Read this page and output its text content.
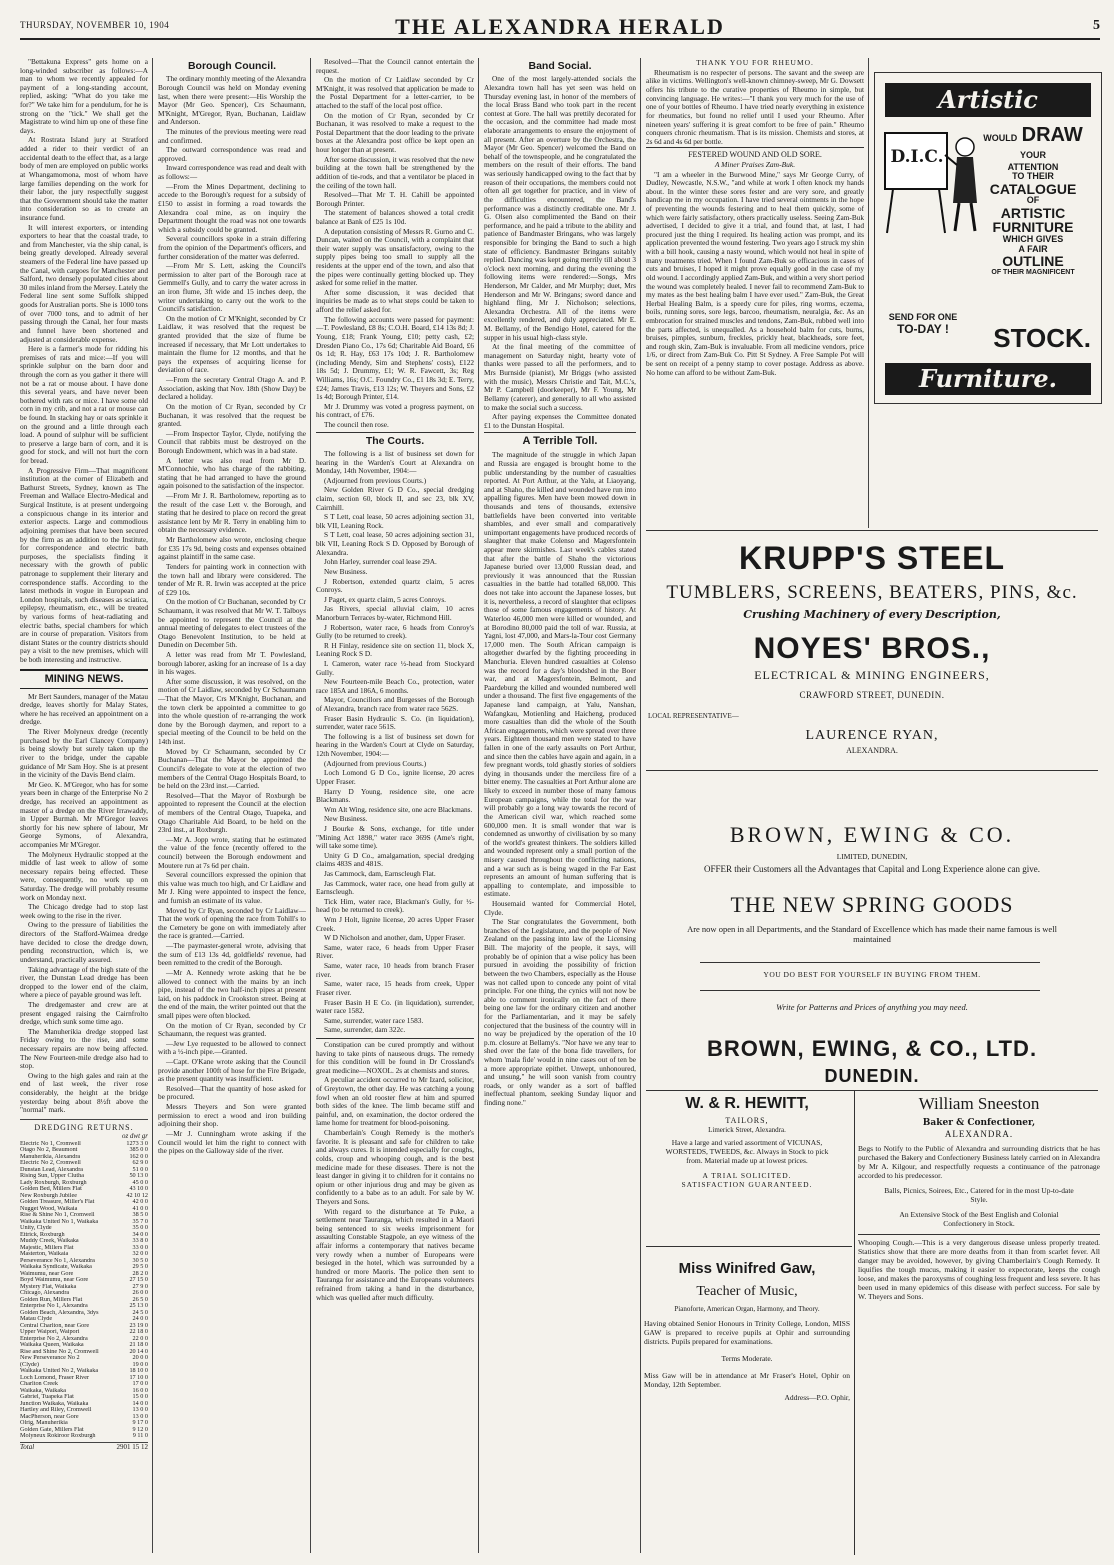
THURSDAY, NOVEMBER 10, 1904	THE ALEXANDRA HERALD	5

"Bettakuna Express" gets home on a long-winded subscriber as follows:—A man to whom we recently appealed for payment of a long-standing account, replied, asking: "What do you take me for?" We take him for a pendulum, for he is strong on the "tick." We shall get the Magistrate to wind him up one of these fine days.

At Rostrata Island jury at Stratford added a rider to their verdict of an accidental death to the effect that, as a large body of men are employed on public works at Whangamomona, most of whom have large families depending on the work for their labor, the jury respectfully suggest that the Government should take the matter into consideration so as to create an insurance fund.

It will interest exporters, or intending exporters to hear that the coastal trade, to and from Manchester, via the ship canal, is being greatly developed. Already several steamers of the Federal line have passed up the Canal, with cargoes for Manchester and Salford, two densely populated cities about 30 miles inland from the Mersey. Lately the Federal line sent some Suffolk shipped goods for Australian ports. She is 1000 tons of over 7000 tons, and to admit of her passing through the Canal, her four masts and funnel have been shortened and adjusted at considerable expense.

Here is a farmer's mode for ridding his premises of rats and mice:—If you will sprinkle sulphur on the barn door and through the corn as you gather it there will not be a rat or mouse about. I have done this several years, and have never been bothered with rats or mice. I have some old corn in my crib, and not a rat or mouse can be found. In stacking hay or oats sprinkle it on the ground and a little through each load. A pound of sulphur will be sufficient to preserve a large barn of corn, and it is good for stock, and will not hurt the corn for bread.

A Progressive Firm—That magnificent institution at the corner of Elizabeth and Bathurst Streets, Sydney, known as The Freeman and Wallace Electro-Medical and Surgical Institute, is at present undergoing a conspicuous change in its interior and exterior aspects. Large and commodious adjoining premises that have been secured by the firm as an addition to the Institute, for correspondence and electric bath purposes, the specialists finding it necessary with the growth of public patronage to supplement their literary and correspondence staffs. According to the latest methods in vogue in European and London hospitals, such diseases as sciatica, epilepsy, rheumatism, etc., will be treated by various forms of heat-radiating and electric baths, special chambers for which are in course of preparation. Visitors from distant States or the country districts should pay a visit to the new premises, which will be both interesting and instructive.

MINING NEWS.

Mr Bert Saunders, manager of the Matau dredge, leaves shortly for Malay States, where he has received an appointment on a dredge.

The River Molyneux dredge (recently purchased by the Earl Clancey Company) is being slowly but surely taken up the river to the bridge, under the capable guidance of Mr Sam Hoy. She is at present in the vicinity of the Davis Bend claim.

Mr Geo. K. M'Gregor, who has for some years been in charge of the Enterprise No 2 dredge, has received an appointment as master of a dredge on the River Irrawaddy, in Upper Burmah. Mr M'Gregor leaves shortly for his new sphere of labour, Mr George Symons, of Alexandra, accompanies Mr M'Gregor.

The Molyneux Hydraulic stopped at the middle of last week to allow of some necessary repairs being effected. These were, consequently, no work up on Saturday. The dredge will probably resume work on Monday next.

The Chicago dredge had to stop last week owing to the rise in the river.

Owing to the pressure of liabilities the directors of the Stafford-Waimea dredge have decided to close the dredge down, pending reconstruction, which is, we understand, practically assured.

Taking advantage of the high state of the river, the Dunstan Lead dredge has been dropped to the lower end of the claim, where a piece of payable ground was left.

The dredgemaster and crew are at present engaged raising the Cairnfrolto dredge, which sunk some time ago.

The Manuherikia dredge stopped last Friday owing to the rise, and some necessary repairs are now being affected. The New Fourteen-mile dredge also had to stop.

Owing to the high gales and rain at the end of last week, the river rose considerably, the height at the bridge yesterday being about 8½ft above the "normal" mark.

DREDGING RETURNS.
oz dwt gr
Electric No 1, Cromwell	1273 3 0
Otago No 2, Beaumont	385 0 0
Manuherikia, Alexandra	162 0 0
Electric No 2, Cromwell	62 9 0
Dunstan Lead, Alexandra	51 0 0
Rising Sun, Upper Clutha	50 13 0
Lady Roxburgh, Roxburgh	45 0 0
Golden Bed, Millers Flat	43 10 0
New Roxburgh Jubilee	42 10 12
Golden Treasure, Miller's Flat	42 0 0
Nugget Wood, Waikaia	41 0 0
Rise & Shine No 1, Cromwell	38 5 0
Waikaka United No 1, Waikaka	35 7 0
Unity, Clyde	35 0 0
Ettrick, Roxburgh	34 0 0
Muddy Creek, Waikaka	33 8 0
Majestic, Millers Flat	33 0 0
Masterton, Waikaia	32 0 0
Perseverance No 1, Alexandra	30 5 0
Waikaka Syndicate, Waikaka	29 5 0
Waimumu, near Gore	28 2 0
Boyd Waimumu, near Gore	27 15 0
Mystery Flat, Waikaka	27 9 0
Chicago, Alexandra	26 0 0
Golden Run, Millers Flat	26 5 0
Enterprise No 1, Alexandra	25 13 0
Golden Beach, Alexandra, 3dys	24 5 0
Matau Clyde	24 0 0
Central Charlton, near Gore	23 19 0
Upper Waipori, Waipori	22 18 0
Enterprise No 2, Alexandra	22 0 0
Waikaka Queen, Waikaka	21 18 0
Rise and Shine No 2, Cromwell	20 14 0
New Perseverance No 2	20 0 0
(Clyde)	19 0 0
Waikaka United No 2, Waikaka	18 10 0
Loch Lomond, Fraser River	17 10 0
Charlton Creek	17 0 0
Waikaka, Waikaka	16 0 0
Gabriel, Tuapeka Flat	15 0 0
Junction Waikaka, Waikaka	14 0 0
Hartley and Riley, Cromwell	13 0 0
MacPherson, near Gore	13 0 0
Olrig, Manuherikia	9 17 0
Golden Gate, Millers Flat	9 12 0
Molyneux Rokiroor Roxburgh	9 11 0
Total	2901 15 12
Borough Council.

The ordinary monthly meeting of the Alexandra Borough Council was held on Monday evening last, when there were present:—His Worship the Mayor (Mr Geo. Spencer), Crs Schaumann, M'Knight, M'Gregor, Ryan, Buchanan, Laidlaw and Anderson.

The minutes of the previous meeting were read and confirmed.

The outward correspondence was read and approved.

Inward correspondence was read and dealt with as follows:—

—From the Mines Department, declining to accede to the Borough's request for a subsidy of £150 to assist in forming a road towards the Alexandra coal mine, as on inquiry the Department thought the road was not one towards which a subsidy could be granted.

Several councillors spoke in a strain differing from the opinion of the Department's officers, and further consideration of the matter was deferred.

—From Mr S. Lett, asking the Council's permission to alter part of the Borough race at Gemmell's Gully, and to carry the water across in an iron flume, 3ft wide and 15 inches deep, the writer undertaking to carry out the work to the Council's satisfaction.

On the motion of Cr M'Knight, seconded by Cr Laidlaw, it was resolved that the request be granted provided that the size of flume be increased if necessary, that Mr Lott undertakes to maintain the flume for 12 months, and that he pays the expenses of acquiring license for deviation of race.

—From the secretary Central Otago A. and P. Association, asking that Nov. 18th (Show Day) be declared a holiday.

On the motion of Cr Ryan, seconded by Cr Buchanan, it was resolved that the request be granted.

—From Inspector Taylor, Clyde, notifying the Council that rabbits must be destroyed on the Borough Endowment, which was in a bad state.

A letter was also read from Mr D. M'Connochie, who has charge of the rabbiting, stating that he had arranged to have the ground again poisoned to the satisfaction of the inspector.

—From Mr J. R. Bartholomew, reporting as to the result of the case Lett v. the Borough, and stating that he desired to place on record the great assistance lent by Mr R. Terry in enabling him to obtain the necessary evidence.

Mr Bartholomew also wrote, enclosing cheque for £35 17s 9d, being costs and expenses obtained against plaintiff in the same case.

Tenders for painting work in connection with the town hall and library were considered. The tender of Mr R. R. Irwin was accepted at the price of £29 10s.

On the motion of Cr Buchanan, seconded by Cr Schaumann, it was resolved that Mr W. T. Talboys be appointed to represent the Council at the annual meeting of delegates to elect trustees of the Otago Benevolent Institution, to be held at Dunedin on December 5th.

A letter was read from Mr T. Powlesland, borough laborer, asking for an increase of 1s a day in his wages.

After some discussion, it was resolved, on the motion of Cr Laidlaw, seconded by Cr Schaumann—That the Mayor, Crs M'Knight, Buchanan, and the town clerk be appointed a committee to go into the whole question of re-arranging the work done by the Borough daymen, and report to a special meeting of the Council to be held on the 14th inst.

Moved by Cr Schaumann, seconded by Cr Buchanan—That the Mayor be appointed the Council's delegate to vote at the election of two members of the Central Otago Hospitals Board, to be held on the 23rd inst.—Carried.

Resolved—That the Mayor of Roxburgh be appointed to represent the Council at the election of members of the Central Otago, Tuapeka, and Otago Charitable Aid Board, to be held on the 23rd inst., at Roxburgh.

—Mr A. Jopp wrote, stating that he estimated the value of the fence (recently offered to the council) between the Borough endowment and Moutere run at 7s 6d per chain.

Several councillors expressed the opinion that this value was much too high, and Cr Laidlaw and Mr J. King were appointed to inspect the fence, and furnish an estimate of its value.

Moved by Cr Ryan, seconded by Cr Laidlaw—That the work of opening the race from Tohill's to the Cemetery be gone on with immediately after the race is granted.—Carried.

—The paymaster-general wrote, advising that the sum of £13 13s 4d, goldfields' revenue, had been remitted to the credit of the Borough.

—Mr A. Kennedy wrote asking that he be allowed to connect with the mains by an inch pipe, instead of the two half-inch pipes at present laid, on his paddock in Crookston street. Being at the end of the main, the writer pointed out that the small pipes were often blocked.

On the motion of Cr Ryan, seconded by Cr Schaumann, the request was granted.

—Jew Lye requested to be allowed to connect with a ½-inch pipe.—Granted.

—Capt. O'Kane wrote asking that the Council provide another 100ft of hose for the Fire Brigade, as the present quantity was insufficient.

Resolved—That the quantity of hose asked for be procured.

Messrs Theyers and Son were granted permission to erect a wood and iron building adjoining their shop.

—Mr J. Cunningham wrote asking if the Council would let him the right to connect with the pipes on the Galloway side of the river.

Resolved—That the Council cannot entertain the request.

On the motion of Cr Laidlaw seconded by Cr M'Knight, it was resolved that application be made to the Postal Department for a letter-carrier, to be attached to the staff of the local post office.

On the motion of Cr Ryan, seconded by Cr Buchanan, it was resolved to make a request to the Postal Department that the door leading to the private boxes at the Alexandra post office be kept open an hour longer than at present.

After some discussion, it was resolved that the new building at the town hall be strengthened by the addition of tie-rods, and that a ventilator be placed in the ceiling of the town hall.

Resolved—That Mr T. H. Cahill be appointed Borough Printer.

The statement of balances showed a total credit balance at Bank of £25 1s 10d.

A deputation consisting of Messrs R. Gurno and C. Duncan, waited on the Council, with a complaint that their water supply was unsatisfactory, owing to the supply pipes being too small to supply all the residents at the upper end of the town, and also that the pipes were continually getting blocked up. They asked for some relief in the matter.

After some discussion, it was decided that inquiries be made as to what steps could be taken to afford the relief asked for.

The following accounts were passed for payment:—T. Powlesland, £8 8s; C.O.H. Board, £14 13s 8d; J. Young, £18; Frank Young, £10; petty cash, £2; Dresden Piano Co., 17s 6d; Charitable Aid Board, £6 0s 1d; R. Hay, £63 17s 10d; J. R. Bartholomew (including Mendy, Sim and Stephens' costs), £122 18s 5d; J. Drummy, £1; W. R. Fawcett, 3s; Reg Williams, 16s; O.C. Foundry Co., £1 18s 3d; E. Terry, £24; James Travis, £13 12s; W. Theyers and Sons, £2 1s 4d; Borough Printer, £14.

Mr J. Drummy was voted a progress payment, on his contract, of £76.

The council then rose.

The Courts.

The following is a list of business set down for hearing in the Warden's Court at Alexandra on Monday, 14th November, 1904:—

(Adjourned from previous Courts.)

New Golden River G D Co., special dredging claim, section 60, block II, and sec 23, blk XV, Cairnhill.

S T Lett, coal lease, 50 acres adjoining section 31, blk VII, Leaning Rock.

S T Lett, coal lease, 50 acres adjoining section 31, blk VII, Leaning Rock S D. Opposed by Borough of Alexandra.

John Harley, surrender coal lease 29A.

New Business.

J Robertson, extended quartz claim, 5 acres Conroys.

J Paget, ex quartz claim, 5 acres Conroys.

Jas Rivers, special alluvial claim, 10 acres Manorburn Terraces by-water, Richmond Hill.

J Robertson, water race, 6 heads from Conroy's Gully (to be returned to creek).

R H Finlay, residence site on section 11, block X, Leaning Rock S D.

L Cameron, water race ½-head from Stockyard Gully.

New Fourteen-mile Beach Co., protection, water race 185A and 186A, 6 months.

Mayor, Councillors and Burgesses of the Borough of Alexandra, branch race from water race 562S.

Fraser Basin Hydraulic S. Co. (in liquidation), surrender, water race 561S.

The following is a list of business set down for hearing in the Warden's Court at Clyde on Saturday, 12th November, 1904:—

(Adjourned from previous Courts.)

Loch Lomond G D Co., ignite license, 20 acres Upper Fraser.

Harry D Young, residence site, one acre Blackmans.

Wm Alt Wing, residence site, one acre Blackmans.

New Business.

J Bourke & Sons, exchange, for title under "Mining Act 1898," water race 369S (Ame's right, will take some time).

Unity G D Co., amalgamation, special dredging claims 483S and 481S.

Jas Cammock, dam, Earnscleugh Flat.

Jas Cammock, water race, one head from gully at Earnscleugh.

Tick Him, water race, Blackman's Gully, for ½-head (to be returned to creek).

Wm J Holt, lignite license, 20 acres Upper Fraser Creek.

W D Nicholson and another, dam, Upper Fraser.

Same, water race, 6 heads from Upper Fraser River.

Same, water race, 10 heads from branch Fraser river.

Same, water race, 15 heads from creek, Upper Fraser river.

Fraser Basin H E Co. (in liquidation), surrender, water race 1582.

Same, surrender, water race 1583.

Same, surrender, dam 322c.

Constipation can be cured promptly and without having to take pints of nauseous drugs. The remedy for this condition will be found in Dr Crossland's great medicine—NOXOL. 2s at chemists and stores.

A peculiar accident occurred to Mr Izard, solicitor, of Greytown, the other day. He was catching a young fowl when an old rooster flew at him and spurred both sides of the knee. The limb became stiff and painful, and, on examination, the doctor ordered the lame home for treatment for blood-poisoning.

Chamberlain's Cough Remedy is the mother's favorite. It is pleasant and safe for children to take and always cures. It is intended especially for coughs, colds, croup and whooping cough, and is the best medicine made for these diseases. There is not the least danger in giving it to children for it contains no opium or other injurious drug and may be given as confidently to a babe as to an adult. For sale by W. Theyers and Sons.

With regard to the disturbance at Te Puke, a settlement near Tauranga, which resulted in a Maori being sentenced to six weeks imprisonment for assaulting Constable Stagpole, an eye witness of the affair informs a contemporary that natives became very rowdy when a number of Europeans were besieged in the hotel, which was surrounded by a hundred or more Maoris. The police then sent to Tauranga for assistance and the Europeans volunteers refrained from taking a hand in the disturbance, which was quelled after much difficulty.

Band Social.

One of the most largely-attended socials the Alexandra town hall has yet seen was held on Thursday evening last, in honor of the members of the local Brass Band who took part in the recent contest at Gore. The hall was prettily decorated for the occasion, and the committee had made most elaborate arrangements to ensure the enjoyment of all present. After an overture by the Orchestra, the Mayor (Mr Geo. Spencer) welcomed the Band on behalf of the townspeople, and he congratulated the members on the result of their efforts. The band was seriously handicapped owing to the fact that by reason of their occupations, the members could not often all get together for practice, and in view of the difficulties encountered, the Band's performance was a distinctly creditable one. Mr J. G. Olsen also complimented the Band on their performance, and he paid a tribute to the ability and patience of Bandmaster Bringans, who was largely responsible for bringing the Band to such a high state of efficiency. Bandmaster Bringans suitably replied. Dancing was kept going merrily till about 3 o'clock next morning, and during the evening the following items were rendered:—Songs, Mrs Henderson, Mr Calder, and Mr Murphy; duet, Mrs Henderson and Mr W. Bringans; sword dance and highland fling, Mr J. Nicholson; selections, Alexandra Orchestra. All of the items were excellently rendered, and duly appreciated. Mr E. M. Bellamy, of the Bendigo Hotel, catered for the supper in his usual high-class style.

At the final meeting of the committee of management on Saturday night, hearty vote of thanks were passed to all the performers, and to Mrs Burnside (pianist), Mr Briggs (who assisted with the music), Messrs Christie and Tait, M.C.'s, Mr P. Campbell (doorkeeper), Mr F. Young, Mr Bellamy (caterer), and generally to all who assisted to make the social such a success.

After paying expenses the Committee donated £1 to the Dunstan Hospital.

A Terrible Toll.

The magnitude of the struggle in which Japan and Russia are engaged is brought home to the public understanding by the number of casualties reported. At Port Arthur, at the Yalu, at Liaoyang, and at Shaho, the killed and wounded have run into appalling figures. Men have been mowed down in thousands and tens of thousands, extensive battlefields have been converted into veritable shambles, and ever small and comparatively unimportant engagements have produced records of slaughter that make Colenso and Magersfontein appear mere skirmishes. Last week's cables stated that after the battle of Shaho the victorious Japanese buried over 13,000 Russian dead, and previously it was announced that the Russian casualties in the battle had totalled 68,000. This does not take into account the Japanese losses, but it is, nevertheless, a record of slaughter that eclipses those of some famous engagements of history. At Waterloo 46,000 men were killed or wounded, and at Borodino 80,000 paid the toll of war. Russia, at Yagni, lost 47,000, and Mars-la-Tour cost Germany 17,000 men. The South African campaign is altogether dwarfed by the fighting proceeding in Manchuria. Eleven hundred casualties at Colenso was the record for a day's bloodshed in the Boer war, and at Magersfontein, Belmont, and Paardeburg the killed and wounded numbered well under a thousand. The first five engagements of the Japanese land campaign, at Yalu, Nanshan, Wafangkau, Motienling and Haicheng, produced more casualties than did the whole of the South African engagements, which were spread over three years. Eighteen thousand men were stated to have fallen in one of the early assaults on Port Arthur, and since then the cables have again and again, in a few pregnant words, told ghastly stories of soldiers dying in thousands under the merciless fire of a bitter enemy. The casualties at Port Arthur alone are likely to exceed in number those of many famous European campaigns, while the total for the war will probably go a long way towards the record of the American civil war, which reached some 600,000 men. It is small wonder that war is condemned as unworthy of civilisation by so many of the world's greatest thinkers. The soldiers killed and wounded represent only a small portion of the misery caused throughout the conflicting nations, and a war such as is being waged in the Far East represents an amount of human suffering that is appalling to contemplate, and impossible to estimate.

Housemaid wanted for Commercial Hotel, Clyde.

The Star congratulates the Government, both branches of the Legislature, and the people of New Zealand on the passing into law of the Licensing Bill. The majority of the people, it says, will probably be of opinion that a wise policy has been pursued in avoiding the possibility of friction between the two Chambers, especially as the House was not called upon to concede any point of vital principle. For one thing, the cynics will not now be able to comment ironically on the fact of there being one law for the ordinary citizen and another for the Parliamentarian, and it may be safely conjectured that the business of the country will in no way be prejudiced by the operation of the 10 p.m. closure at Bellamy's. "Nor have we any tear to shed over the fate of the bona fide travellers, for whom 'mala fide' would in nine cases out of ten be a more appropriate epithet. Unwept, unhonoured, and unsung," he will soon vanish from country roads, or only wander as a sort of baffled ineffectual phantom, seeking Sunday liquor and finding none."

THANK YOU FOR RHEUMO.

Rheumatism is no respecter of persons. The savant and the sweep are alike in victims. Wellington's well-known chimney-sweep, Mr G. Dowsett offers his tribute to the curative properties of Rheumo in simple, but convincing language. He writes:—"I thank you very much for the use of one of your bottles of Rheumo. I have tried nearly everything in existence for rheumatics, but found no relief until I used your Rheumo. After nineteen years' suffering it is great comfort to be free of pain." Rheumo conquers chronic rheumatism. That is its mission. Chemists and stores, at 2s 6d and 4s 6d per bottle.

FESTERED WOUND AND OLD SORE.
A Miner Praises Zam-Buk.

"I am a wheeler in the Burwood Mine," says Mr George Curry, of Dudley, Newcastle, N.S.W., "and while at work I often knock my hands about. In the winter these sores fester and are very sore, and greatly handicap me in my occupation. I have tried several ointments in the hope of preventing the wounds festering and to heal them quickly, some of which were fairly satisfactory, others practically useless. Seeing Zam-Buk advertised, I decided to give it a trial, and found that, at last, I had procured just the thing I required. Its healing action was prompt, and its application prevented the wound festering. Two years ago I struck my shin with a bill hook, causing a nasty wound, which would not heal in spite of many treatments tried. When I found Zam-Buk so efficacious in cases of cuts and bruises, I hoped it might prove equally good in the case of my old wound. I accordingly applied Zam-Buk, and within a very short period the wound was completely healed. I never fail to recommend Zam-Buk to my mates as the best healing balm I have ever used." Zam-Buk, the Great Herbal Healing Balm, is a speedy cure for piles, ring worms, eczema, boils, running sores, sore legs, barcoo, rheumatism, neuralgia, &c. As an embrocation for strained muscles and tendons, Zam-Buk, rubbed well into the parts affected, is unequalled. As a household balm for cuts, burns, bruises, pimples, sunburn, freckles, prickly heat, blackheads, sore feet, and rough skin, Zam-Buk is invaluable. From all medicine vendors, price 1/6, or direct from Zam-Buk Co. Pitt St Sydney. A Free Sample Pot will be sent on receipt of a penny stamp to cover postage. Address as above. No home can afford to be without Zam-Buk.

Artistic
D.I.C.
WOULD DRAW YOUR
ATTENTION
TO THEIR
CATALOGUE
OF
ARTISTIC
FURNITURE
WHICH GIVES
A FAIR
OUTLINE
OF THEIR MAGNIFICENT
SEND FOR ONE
TO-DAY !	STOCK.
Furniture.
KRUPP'S STEEL
TUMBLERS, SCREENS, BEATERS, PINS, &c.
Crushing Machinery of every Description,
NOYES' BROS.,
ELECTRICAL & MINING ENGINEERS,
CRAWFORD STREET, DUNEDIN.
LOCAL REPRESENTATIVE—
LAURENCE RYAN,
ALEXANDRA.
BROWN, EWING & CO.
LIMITED, DUNEDIN,
OFFER their Customers all the Advantages that Capital and Long Experience alone can give.
THE NEW SPRING GOODS
Are now open in all Departments, and the Standard of Excellence which has made their name famous is well maintained
YOU DO BEST FOR YOURSELF IN BUYING FROM THEM.
Write for Patterns and Prices of anything you may need.
BROWN, EWING, & CO., LTD.
DUNEDIN.
W. & R. HEWITT,
TAILORS,
Limerick Street, Alexandra.
Have a large and varied assortment of VICUNAS, WORSTEDS, TWEEDS, &c. Always in Stock to pick from. Material made up at lowest prices.
A TRIAL SOLICITED.
SATISFACTION GUARANTEED.
Miss Winifred Gaw,
Teacher of Music,
Pianoforte, American Organ, Harmony, and Theory.
Having obtained Senior Honours in Trinity College, London, MISS GAW is prepared to receive pupils at Ophir and surrounding districts. Pupils prepared for examinations.
Terms Moderate.
Miss Gaw will be in attendance at Mr Fraser's Hotel, Ophir on Monday, 12th September.
Address—P.O. Ophir,
William Sneeston
Baker & Confectioner,
ALEXANDRA.
Begs to Notify to the Public of Alexandra and surrounding districts that he has purchased the Bakery and Confectionery Business lately carried on in Alexandra by Mr A. Kilgour, and respectfully requests a continuance of the patronage accorded to his predecessor.
Balls, Picnics, Soirees, Etc., Catered for in the most Up-to-date Style.
An Extensive Stock of the Best English and Colonial Confectionery in Stock.
Whooping Cough.—This is a very dangerous disease unless properly treated. Statistics show that there are more deaths from it than from scarlet fever. All danger may be avoided, however, by giving Chamberlain's Cough Remedy. It liquifies the tough mucus, making it easier to expectorate, keeps the cough loose, and makes the paroxysms of coughing less frequent and less severe. It has been used in many epidemics of this disease with perfect success. For sale by W. Theyers and Sons.
